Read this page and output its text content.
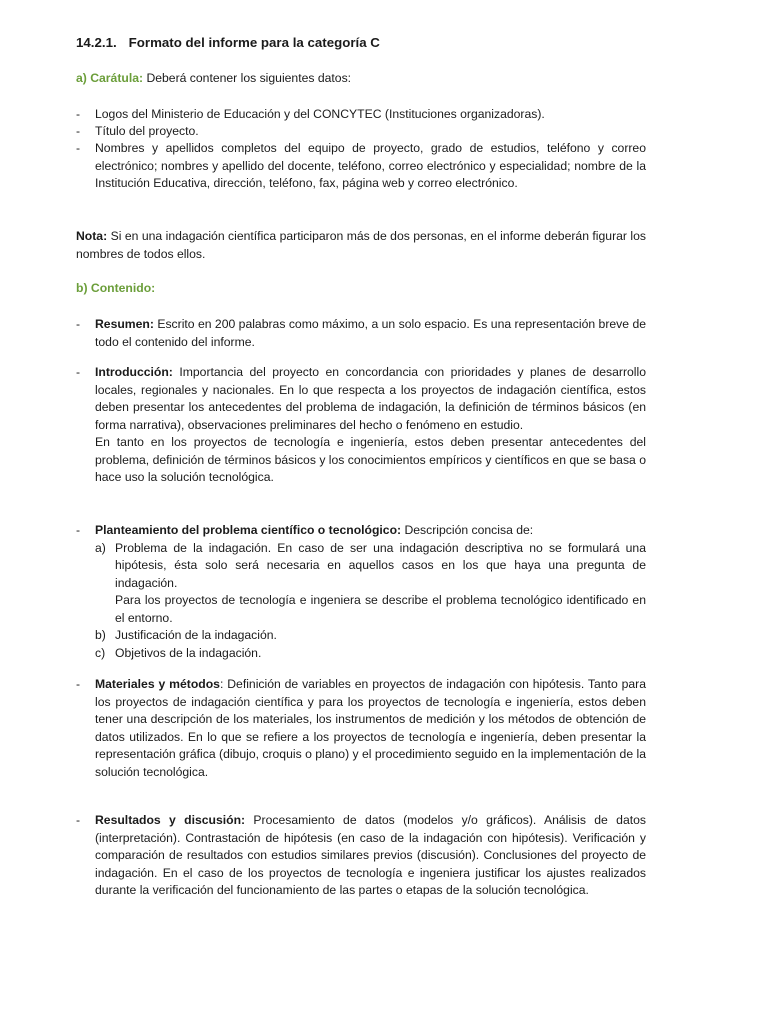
14.2.1. Formato del informe para la categoría C
a) Carátula: Deberá contener los siguientes datos:
-	Logos del Ministerio de Educación y del CONCYTEC (Instituciones organizadoras).
-	Título del proyecto.
-	Nombres y apellidos completos del equipo de proyecto, grado de estudios, teléfono y correo electrónico; nombres y apellido del docente, teléfono, correo electrónico y especialidad; nombre de la Institución Educativa, dirección, teléfono, fax, página web y correo electrónico.
Nota: Si en una indagación científica participaron más de dos personas, en el informe deberán figurar los nombres de todos ellos.
b) Contenido:
-	Resumen: Escrito en 200 palabras como máximo, a un solo espacio. Es una representación breve de todo el contenido del informe.
-	Introducción: Importancia del proyecto en concordancia con prioridades y planes de desarrollo locales, regionales y nacionales. En lo que respecta a los proyectos de indagación científica, estos deben presentar los antecedentes del problema de indagación, la definición de términos básicos (en forma narrativa), observaciones preliminares del hecho o fenómeno en estudio.

En tanto en los proyectos de tecnología e ingeniería, estos deben presentar antecedentes del problema, definición de términos básicos y los conocimientos empíricos y científicos en que se basa o hace uso la solución tecnológica.

-	Planteamiento del problema científico o tecnológico: Descripción concisa de:

a) Problema de la indagación. En caso de ser una indagación descriptiva no se formulará una hipótesis, ésta solo será necesaria en aquellos casos en los que haya una pregunta de indagación.

Para los proyectos de tecnología e ingeniera se describe el problema tecnológico identificado en el entorno.

b) Justificación de la indagación.
c) Objetivos de la indagación.
-	Materiales y métodos: Definición de variables en proyectos de indagación con hipótesis. Tanto para los proyectos de indagación científica y para los proyectos de tecnología e ingeniería, estos deben tener una descripción de los materiales, los instrumentos de medición y los métodos de obtención de datos utilizados. En lo que se refiere a los proyectos de tecnología e ingeniería, deben presentar la representación gráfica (dibujo, croquis o plano) y el procedimiento seguido en la implementación de la solución tecnológica.
-	Resultados y discusión: Procesamiento de datos (modelos y/o gráficos). Análisis de datos (interpretación). Contrastación de hipótesis (en caso de la indagación con hipótesis). Verificación y comparación de resultados con estudios similares previos (discusión). Conclusiones del proyecto de indagación. En el caso de los proyectos de tecnología e ingeniera justificar los ajustes realizados durante la verificación del funcionamiento de las partes o etapas de la solución tecnológica.
